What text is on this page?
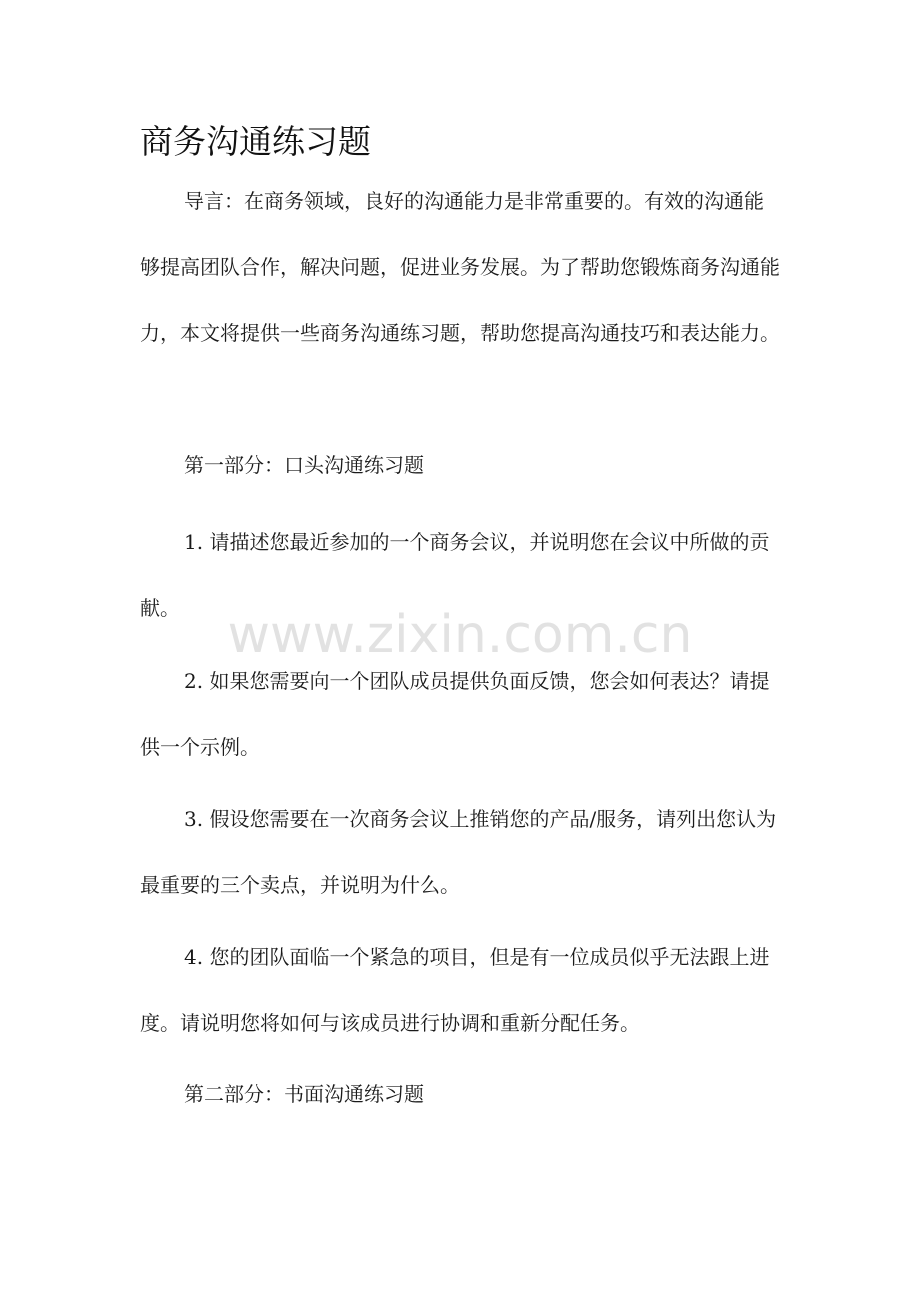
商务沟通练习题

导言：在商务领域，良好的沟通能力是非常重要的。有效的沟通能够提高团队合作，解决问题，促进业务发展。为了帮助您锻炼商务沟通能力，本文将提供一些商务沟通练习题，帮助您提高沟通技巧和表达能力。

第一部分：口头沟通练习题

1. 请描述您最近参加的一个商务会议，并说明您在会议中所做的贡献。

2. 如果您需要向一个团队成员提供负面反馈，您会如何表达？请提供一个示例。

3. 假设您需要在一次商务会议上推销您的产品/服务，请列出您认为最重要的三个卖点，并说明为什么。

4. 您的团队面临一个紧急的项目，但是有一位成员似乎无法跟上进度。请说明您将如何与该成员进行协调和重新分配任务。

第二部分：书面沟通练习题

www.zixin.com.cn
